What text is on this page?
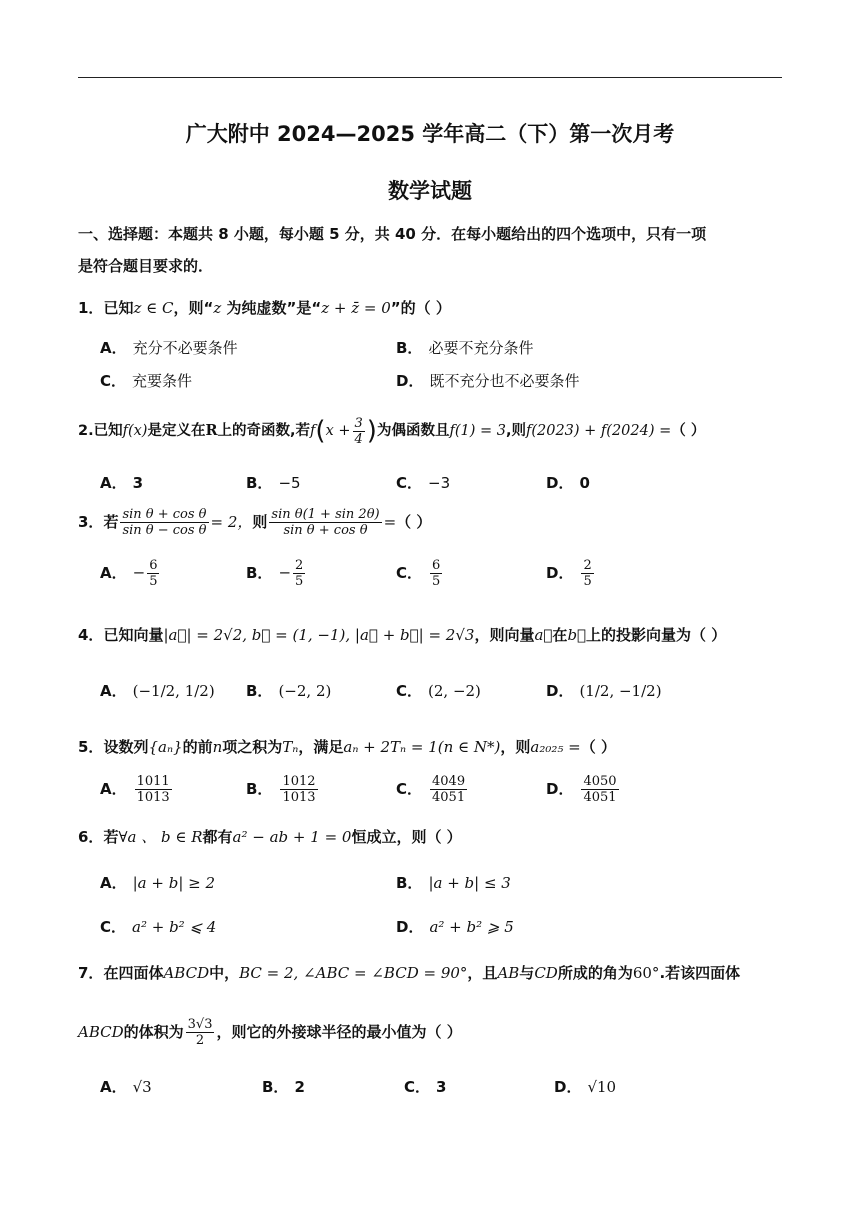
广大附中 2024—2025 学年高二（下）第一次月考
数学试题
一、选择题：本题共 8 小题，每小题 5 分，共 40 分．在每小题给出的四个选项中，只有一项
是符合题目要求的．
1．已知z ∈ C，则“z 为纯虚数”是“z + z̄ = 0”的（ ）
A． 充分不必要条件	B． 必要不充分条件
C． 充要条件	D． 既不充分也不必要条件
2.已知f(x)是定义在R上的奇函数,若$f(x + \frac{3}{4}$ )为偶函数且f(1) = 3,则f(2023) + f(2024) =（ ）
A． 3	B． −5	C． −3	D． 0
3．若 $\frac{\text{sin θ + cos θ}}{\text{sin θ − cos θ}} = 2$，则 $\frac{\text{sin θ(1 + sin 2θ)}}{\text{sin θ + cos θ}}$ =（ ）
A． − $\frac{6}{5}$	B． − $\frac{2}{5}$	C． $\frac{6}{5}$	D． $\frac{2}{5}$
4．已知向量|a⃗| = 2√2, b⃗ = (1, −1), |a⃗ + b⃗| = 2√3，则向量a⃗在b⃗上的投影向量为（ ）
A． (−1/2, 1/2) B． (−2, 2)	C． (2, −2)	D． (1/2, −1/2)
5．设数列{aₙ}的前n项之积为Tₙ，满足aₙ + 2Tₙ = 1(n ∈ N*)，则a₂₀₂₅ =（ ）
A． $\frac{1011}{1013}$	B． $\frac{1012}{1013}$	C． $\frac{4049}{4051}$	D． $\frac{4050}{4051}$
6．若∀a 、 b ∈ R都有a² − ab + 1 = 0恒成立，则（ ）
A． |a + b| ≥ 2	B． |a + b| ≤ 3
C． a² + b² ⩽ 4	D． a² + b² ⩾ 5
7．在四面体ABCD中，BC = 2, ∠ABC = ∠BCD = 90°，且AB与CD所成的角为60°.若该四面体
ABCD的体积为 $\frac{3√3}{2}$ ，则它的外接球半径的最小值为（ ）
A． √3	B． 2	C． 3	D． √10
